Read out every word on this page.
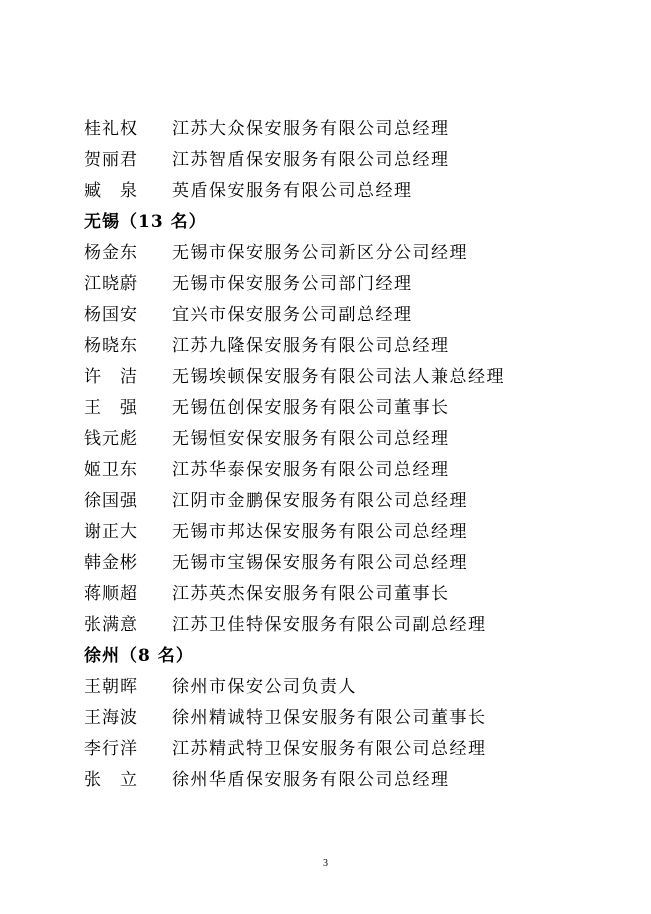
桂礼权	江苏大众保安服务有限公司总经理
贺丽君	江苏智盾保安服务有限公司总经理
臧　泉	英盾保安服务有限公司总经理
无锡（13 名）
杨金东	无锡市保安服务公司新区分公司经理
江晓蔚	无锡市保安服务公司部门经理
杨国安	宜兴市保安服务公司副总经理
杨晓东	江苏九隆保安服务有限公司总经理
许　洁	无锡埃顿保安服务有限公司法人兼总经理
王　强	无锡伍创保安服务有限公司董事长
钱元彪	无锡恒安保安服务有限公司总经理
姬卫东	江苏华泰保安服务有限公司总经理
徐国强	江阴市金鹏保安服务有限公司总经理
谢正大	无锡市邦达保安服务有限公司总经理
韩金彬	无锡市宝锡保安服务有限公司总经理
蒋顺超	江苏英杰保安服务有限公司董事长
张满意	江苏卫佳特保安服务有限公司副总经理
徐州（8 名）
王朝晖	徐州市保安公司负责人
王海波	徐州精诚特卫保安服务有限公司董事长
李行洋	江苏精武特卫保安服务有限公司总经理
张　立	徐州华盾保安服务有限公司总经理
3
